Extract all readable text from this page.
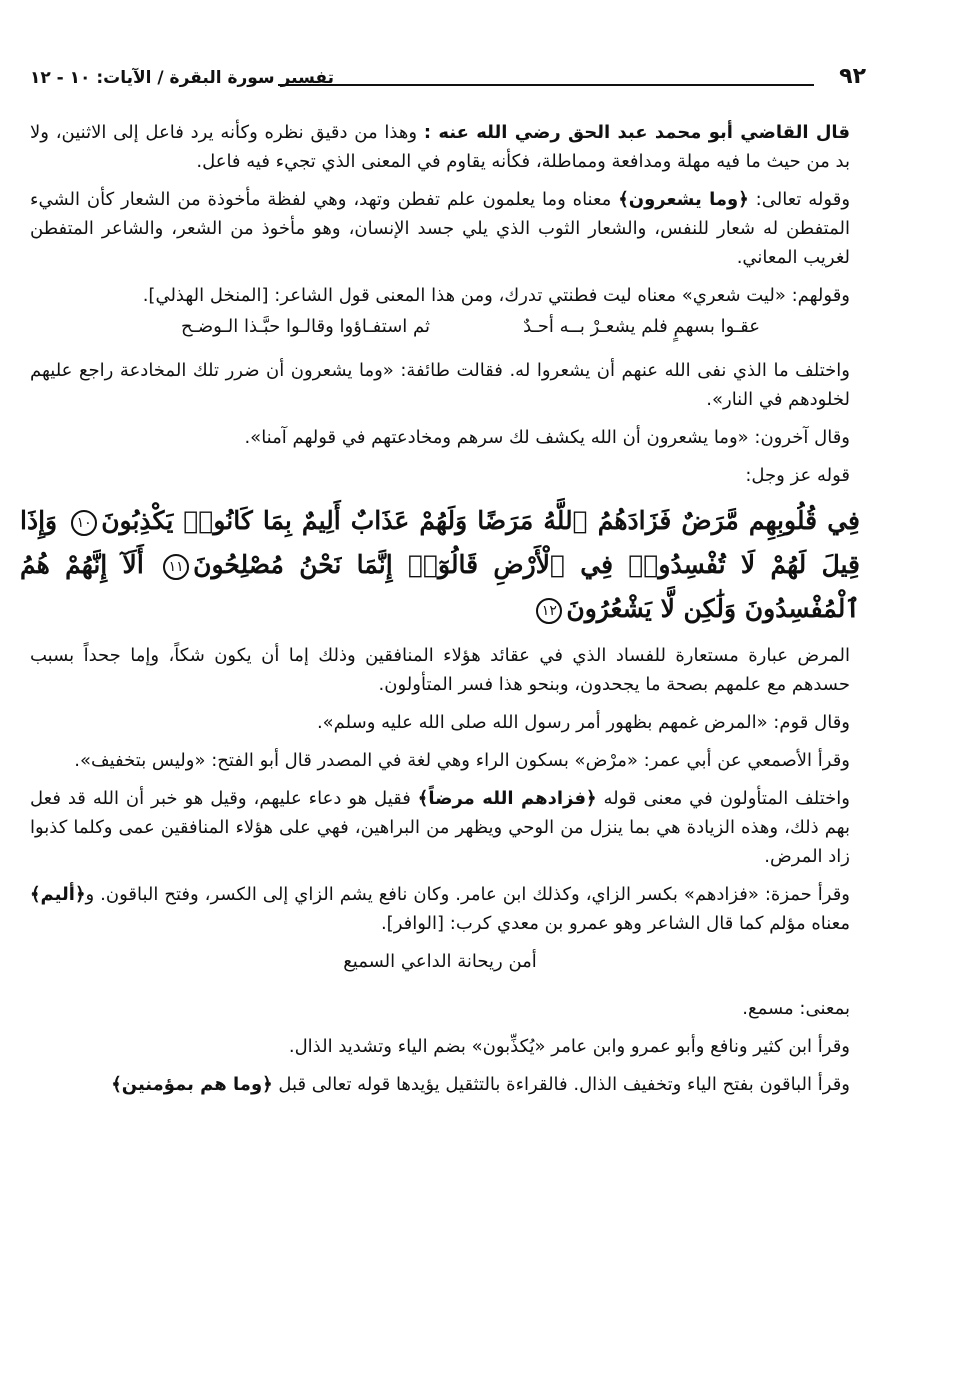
٩٢
تفسير سورة البقرة / الآيات: ١٠ - ١٢

قال القاضي أبو محمد عبد الحق رضي الله عنه : وهذا من دقيق نظره وكأنه يرد فاعل إلى الاثنين، ولا بد من حيث ما فيه مهلة ومدافعة ومماطلة، فكأنه يقاوم في المعنى الذي تجيء فيه فاعل.

وقوله تعالى: ﴿وما يشعرون﴾ معناه وما يعلمون علم تفطن وتهد، وهي لفظة مأخوذة من الشعار كأن الشيء المتفطن له شعار للنفس، والشعار الثوب الذي يلي جسد الإنسان، وهو مأخوذ من الشعر، والشاعر المتفطن لغريب المعاني.

وقولهم: «ليت شعري» معناه ليت فطنتي تدرك، ومن هذا المعنى قول الشاعر: [المنخل الهذلي].

عقـوا بسهمٍ فلم يشعـرْ بــه أحـدٌ
ثم استفـاؤوا وقالـوا حبَّـذا الـوضـح

واختلف ما الذي نفى الله عنهم أن يشعروا له. فقالت طائفة: «وما يشعرون أن ضرر تلك المخادعة راجع عليهم لخلودهم في النار».

وقال آخرون: «وما يشعرون أن الله يكشف لك سرهم ومخادعتهم في قولهم آمنا».

قوله عز وجل:

فِي قُلُوبِهِم مَّرَضٌ فَزَادَهُمُ ٱللَّهُ مَرَضًا وَلَهُمْ عَذَابٌ أَلِيمٌ بِمَا كَانُوا۟ يَكْذِبُونَ١٠ وَإِذَا قِيلَ لَهُمْ لَا تُفْسِدُوا۟ فِي ٱلْأَرْضِ قَالُوٓا۟ إِنَّمَا نَحْنُ مُصْلِحُونَ١١ أَلَآ إِنَّهُمْ هُمُ ٱلْمُفْسِدُونَ وَلَٰكِن لَّا يَشْعُرُونَ١٢

المرض عبارة مستعارة للفساد الذي في عقائد هؤلاء المنافقين وذلك إما أن يكون شكاً، وإما جحداً بسبب حسدهم مع علمهم بصحة ما يجحدون، وبنحو هذا فسر المتأولون.

وقال قوم: «المرض غمهم بظهور أمر رسول الله صلى الله عليه وسلم».

وقرأ الأصمعي عن أبي عمر: «مرْض» بسكون الراء وهي لغة في المصدر قال أبو الفتح: «وليس بتخفيف».

واختلف المتأولون في معنى قوله ﴿فزادهم الله مرضاً﴾ فقيل هو دعاء عليهم، وقيل هو خبر أن الله قد فعل بهم ذلك، وهذه الزيادة هي بما ينزل من الوحي ويظهر من البراهين، فهي على هؤلاء المنافقين عمى وكلما كذبوا زاد المرض.

وقرأ حمزة: «فزادهم» بكسر الزاي، وكذلك ابن عامر. وكان نافع يشم الزاي إلى الكسر، وفتح الباقون. و﴿أليم﴾ معناه مؤلم كما قال الشاعر وهو عمرو بن معدي كرب: [الوافر].

أمن ريحانة الداعي السميع

بمعنى: مسمع.

وقرأ ابن كثير ونافع وأبو عمرو وابن عامر «يُكذِّبون» بضم الياء وتشديد الذال.

وقرأ الباقون بفتح الياء وتخفيف الذال. فالقراءة بالتثقيل يؤيدها قوله تعالى قبل ﴿وما هم بمؤمنين﴾
